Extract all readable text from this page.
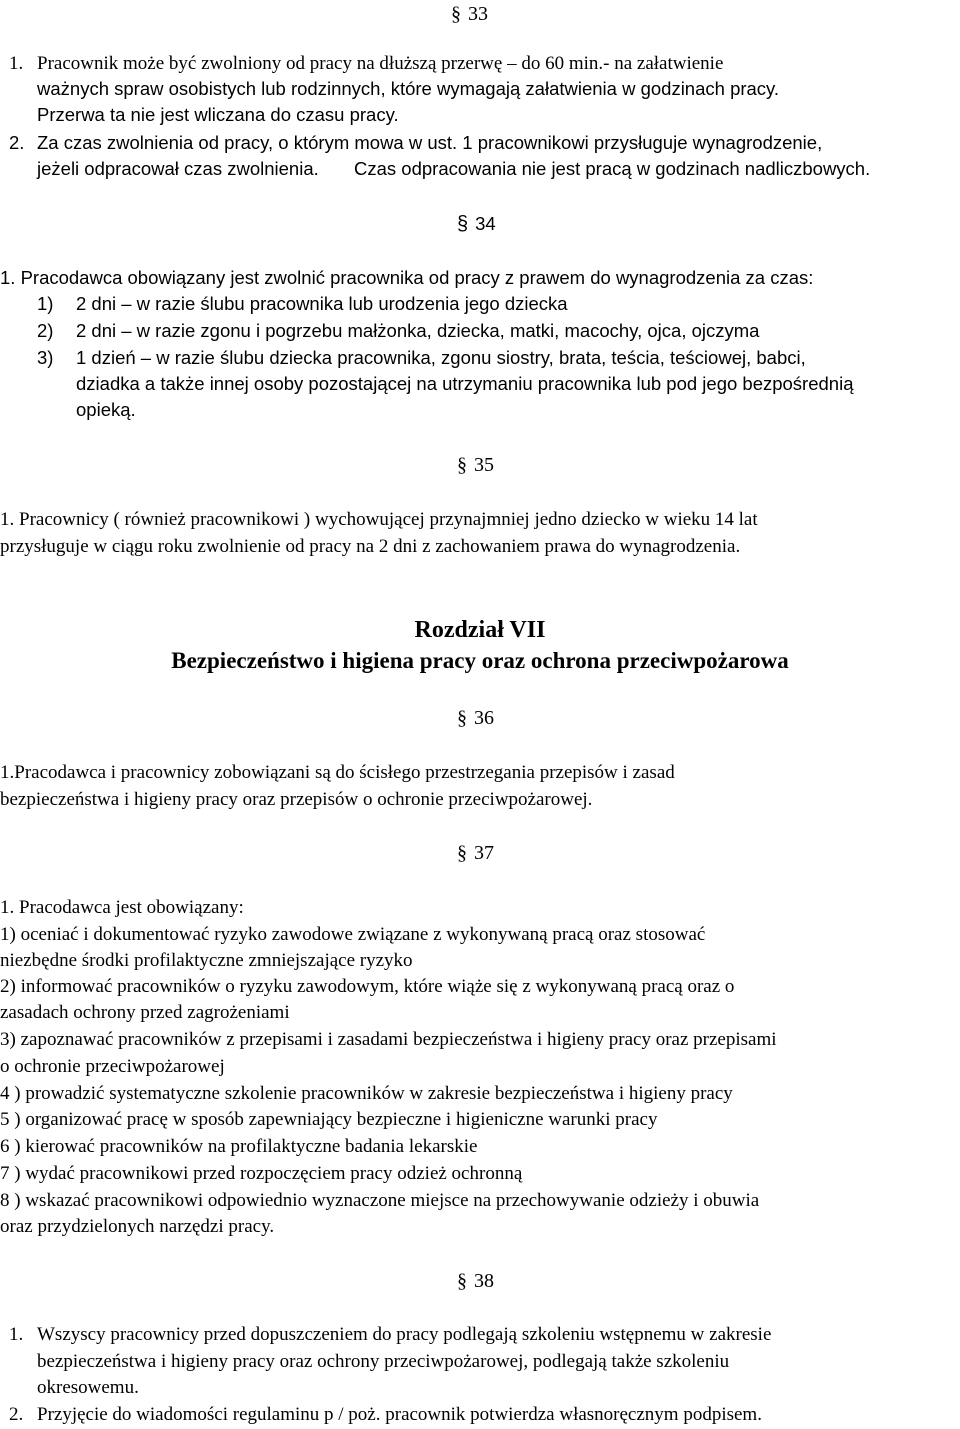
§ 33
1. Pracownik może być zwolniony od pracy na dłuższą przerwę – do 60 min.- na załatwienie
ważnych spraw osobistych lub rodzinnych, które wymagają załatwienia w godzinach pracy.
Przerwa ta nie jest wliczana do czasu pracy.
2. Za czas zwolnienia od pracy, o którym mowa w ust. 1 pracownikowi przysługuje wynagrodzenie,
jeżeli odpracował czas zwolnienia. Czas odpracowania nie jest pracą w godzinach nadliczbowych.
§ 34
1. Pracodawca obowiązany jest zwolnić pracownika od pracy z prawem do wynagrodzenia za czas:
1) 2 dni – w razie ślubu pracownika lub urodzenia jego dziecka
2) 2 dni – w razie zgonu i pogrzebu małżonka, dziecka, matki, macochy, ojca, ojczyma
3) 1 dzień – w razie ślubu dziecka pracownika, zgonu siostry, brata, teścia, teściowej, babci,
dziadka a także innej osoby pozostającej na utrzymaniu pracownika lub pod jego bezpośrednią
opieką.
§ 35
1. Pracownicy ( również pracownikowi ) wychowującej przynajmniej jedno dziecko w wieku 14 lat
przysługuje w ciągu roku zwolnienie od pracy na 2 dni z zachowaniem prawa do wynagrodzenia.
Rozdział VII
Bezpieczeństwo i higiena pracy oraz ochrona przeciwpożarowa
§ 36
1.Pracodawca i pracownicy zobowiązani są do ścisłego przestrzegania przepisów i zasad
bezpieczeństwa i higieny pracy oraz przepisów o ochronie przeciwpożarowej.
§ 37
1. Pracodawca jest obowiązany:
1) oceniać i dokumentować ryzyko zawodowe związane z wykonywaną pracą oraz stosować
niezbędne środki profilaktyczne zmniejszające ryzyko
2) informować pracowników o ryzyku zawodowym, które wiąże się z wykonywaną pracą oraz o
zasadach ochrony przed zagrożeniami
3) zapoznawać pracowników z przepisami i zasadami bezpieczeństwa i higieny pracy oraz przepisami
o ochronie przeciwpożarowej
4 ) prowadzić systematyczne szkolenie pracowników w zakresie bezpieczeństwa i higieny pracy
5 ) organizować pracę w sposób zapewniający bezpieczne i higieniczne warunki pracy
6 ) kierować pracowników na profilaktyczne badania lekarskie
7 ) wydać pracownikowi przed rozpoczęciem pracy odzież ochronną
8 ) wskazać pracownikowi odpowiednio wyznaczone miejsce na przechowywanie odzieży i obuwia
oraz przydzielonych narzędzi pracy.
§ 38
1. Wszyscy pracownicy przed dopuszczeniem do pracy podlegają szkoleniu wstępnemu w zakresie
bezpieczeństwa i higieny pracy oraz ochrony przeciwpożarowej, podlegają także szkoleniu
okresowemu.
2. Przyjęcie do wiadomości regulaminu p / poż. pracownik potwierdza własnoręcznym podpisem.
